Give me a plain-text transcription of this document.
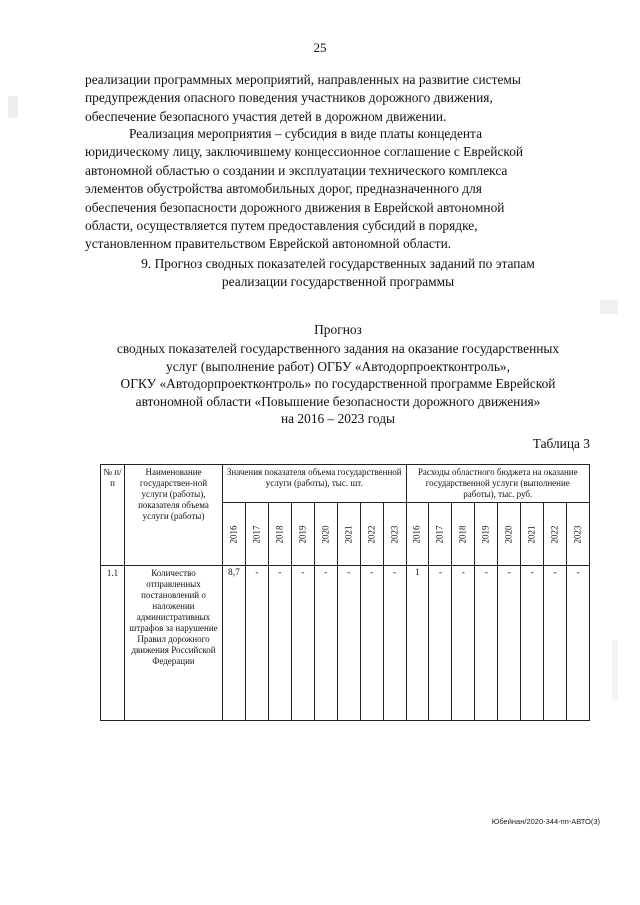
25
реализации программных мероприятий, направленных на развитие системы
предупреждения опасного поведения участников дорожного движения,
обеспечение безопасного участия детей в дорожном движении.
Реализация мероприятия – субсидия в виде платы концедента
юридическому лицу, заключившему концессионное соглашение с Еврейской
автономной областью о создании и эксплуатации технического комплекса
элементов обустройства автомобильных дорог, предназначенного для
обеспечения безопасности дорожного движения в Еврейской автономной
области, осуществляется путем предоставления субсидий в порядке,
установленном правительством Еврейской автономной области.
9. Прогноз сводных показателей государственных заданий по этапам
реализации государственной программы
Прогноз
сводных показателей государственного задания на оказание государственных
услуг (выполнение работ) ОГБУ «Автодорпроектконтроль»,
ОГКУ «Автодорпроектконтроль» по государственной программе Еврейской
автономной области «Повышение безопасности дорожного движения»
на 2016 – 2023 годы
Таблица 3
№ п/п	Наименование государствен-ной услуги (работы), показателя объема услуги (работы)	Значения показателя объема государственной услуги (работы), тыс. шт.								Расходы областного бюджета на оказание государственной услуги (выполнение работы), тыс. руб.							
		2016	2017	2018	2019	2020	2021	2022	2023	2016	2017	2018	2019	2020	2021	2022	2023
1.1	Количество отправленных постановлений о наложении административных штрафов за нарушение Правил дорожного движения Российской Федерации	8,7	-	-	-	-	-	-	-	1	-	-	-	-	-	-	-
Юбейнан/2020-344-пп-АВТО(3)
